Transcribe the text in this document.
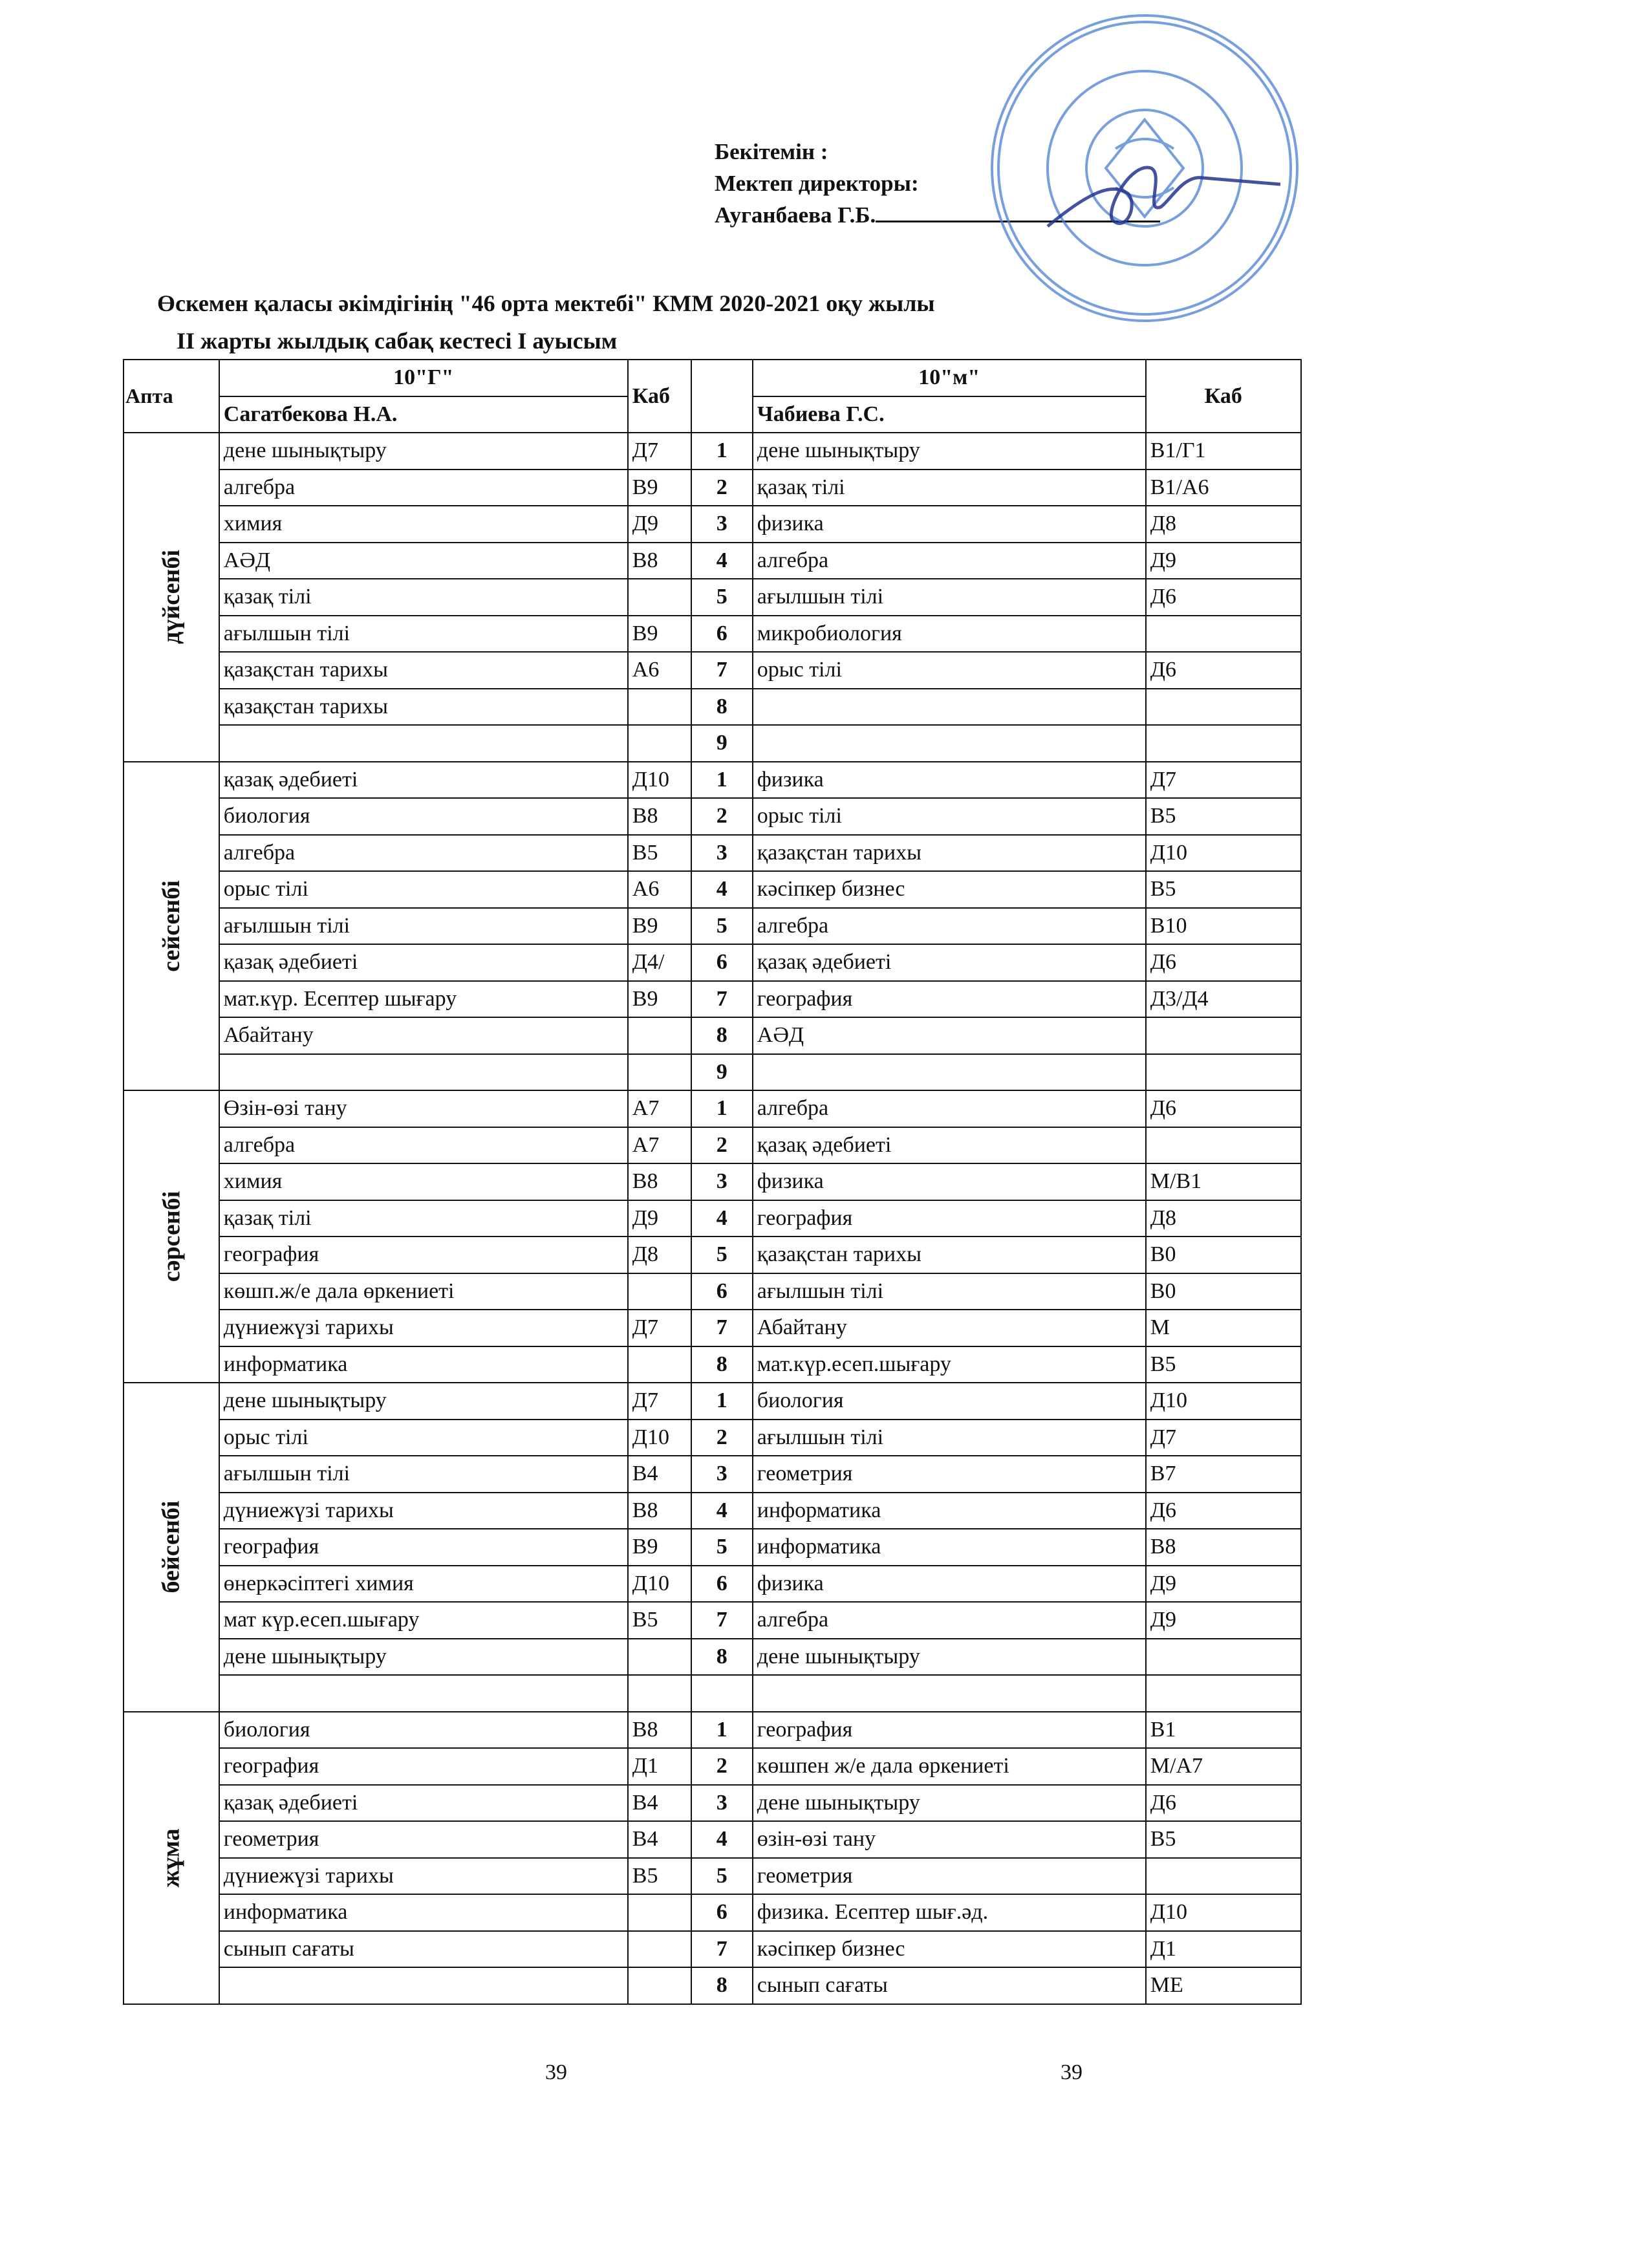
Бекітемін :
Мектеп директоры:
Ауганбаева Г.Б.
Өскемен қаласы әкімдігінің "46 орта мектебі" КММ 2020-2021 оқу жылы
II жарты жылдық сабақ кестесі I ауысым
Апта	10"Г"	Каб		10"м"	Каб
	Сагатбекова Н.А.			Чабиева Г.С.	
дүйсенбі	дене шынықтыру	Д7	1	дене шынықтыру	В1/Г1
	алгебра	В9	2	қазақ тілі	В1/А6
	химия	Д9	3	физика	Д8
	АӘД	В8	4	алгебра	Д9
	қазақ тілі		5	ағылшын тілі	Д6
	ағылшын тілі	В9	6	микробиология	
	қазақстан тарихы	А6	7	орыс тілі	Д6
	қазақстан тарихы		8		
			9		
сейсенбі	қазақ әдебиеті	Д10	1	физика	Д7
	биология	В8	2	орыс тілі	В5
	алгебра	В5	3	қазақстан тарихы	Д10
	орыс тілі	А6	4	кәсіпкер бизнес	В5
	ағылшын тілі	В9	5	алгебра	В10
	қазақ әдебиеті	Д4/	6	қазақ әдебиеті	Д6
	мат.күр. Есептер шығару	В9	7	география	Д3/Д4
	Абайтану		8	АӘД	
			9		
сәрсенбі	Өзін-өзі тану	А7	1	алгебра	Д6
	алгебра	А7	2	қазақ әдебиеті	
	химия	В8	3	физика	М/В1
	қазақ тілі	Д9	4	география	Д8
	география	Д8	5	қазақстан тарихы	В0
	көшп.ж/е дала өркениеті		6	ағылшын тілі	В0
	дүниежүзі тарихы	Д7	7	Абайтану	М
	информатика		8	мат.күр.есеп.шығару	В5
бейсенбі	дене шынықтыру	Д7	1	биология	Д10
	орыс тілі	Д10	2	ағылшын тілі	Д7
	ағылшын тілі	В4	3	геометрия	В7
	дүниежүзі тарихы	В8	4	информатика	Д6
	география	В9	5	информатика	В8
	өнеркәсіптегі химия	Д10	6	физика	Д9
	мат күр.есеп.шығару	В5	7	алгебра	Д9
	дене шынықтыру		8	дене шынықтыру	

жұма	биология	В8	1	география	В1
	география	Д1	2	көшпен ж/е дала өркениеті	М/А7
	қазақ әдебиеті	В4	3	дене шынықтыру	Д6
	геометрия	В4	4	өзін-өзі тану	В5
	дүниежүзі тарихы	В5	5	геометрия	
	информатика		6	физика. Есептер шығ.әд.	Д10
	сынып сағаты		7	кәсіпкер бизнес	Д1
			8	сынып сағаты	МЕ
39	39
